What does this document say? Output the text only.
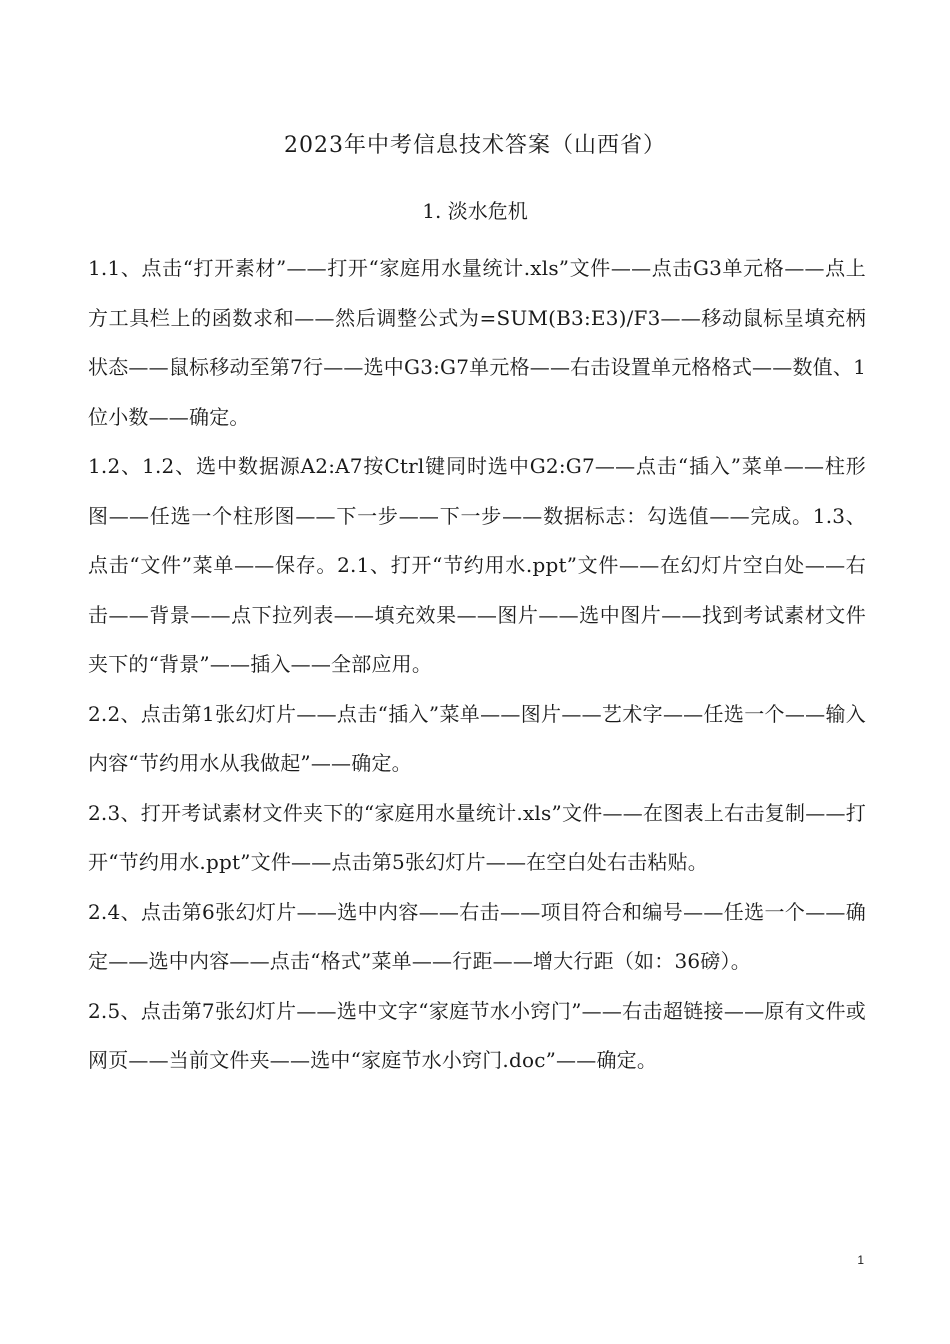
2023年中考信息技术答案（山西省）
1. 淡水危机

1.1、点击“打开素材”——打开“家庭用水量统计.xls”文件——点击G3单元格——点上方工具栏上的函数求和——然后调整公式为=SUM(B3:E3)/F3——移动鼠标呈填充柄状态——鼠标移动至第7行——选中G3:G7单元格——右击设置单元格格式——数值、1位小数——确定。

1.2、1.2、选中数据源A2:A7按Ctrl键同时选中G2:G7——点击“插入”菜单——柱形图——任选一个柱形图——下一步——下一步——数据标志：勾选值——完成。1.3、点击“文件”菜单——保存。2.1、打开“节约用水.ppt”文件——在幻灯片空白处——右击——背景——点下拉列表——填充效果——图片——选中图片——找到考试素材文件夹下的“背景”——插入——全部应用。

2.2、点击第1张幻灯片——点击“插入”菜单——图片——艺术字——任选一个——输入内容“节约用水从我做起”——确定。

2.3、打开考试素材文件夹下的“家庭用水量统计.xls”文件——在图表上右击复制——打开“节约用水.ppt”文件——点击第5张幻灯片——在空白处右击粘贴。

2.4、点击第6张幻灯片——选中内容——右击——项目符合和编号——任选一个——确定——选中内容——点击“格式”菜单——行距——增大行距（如：36磅）。

2.5、点击第7张幻灯片——选中文字“家庭节水小窍门”——右击超链接——原有文件或网页——当前文件夹——选中“家庭节水小窍门.doc”——确定。

1
